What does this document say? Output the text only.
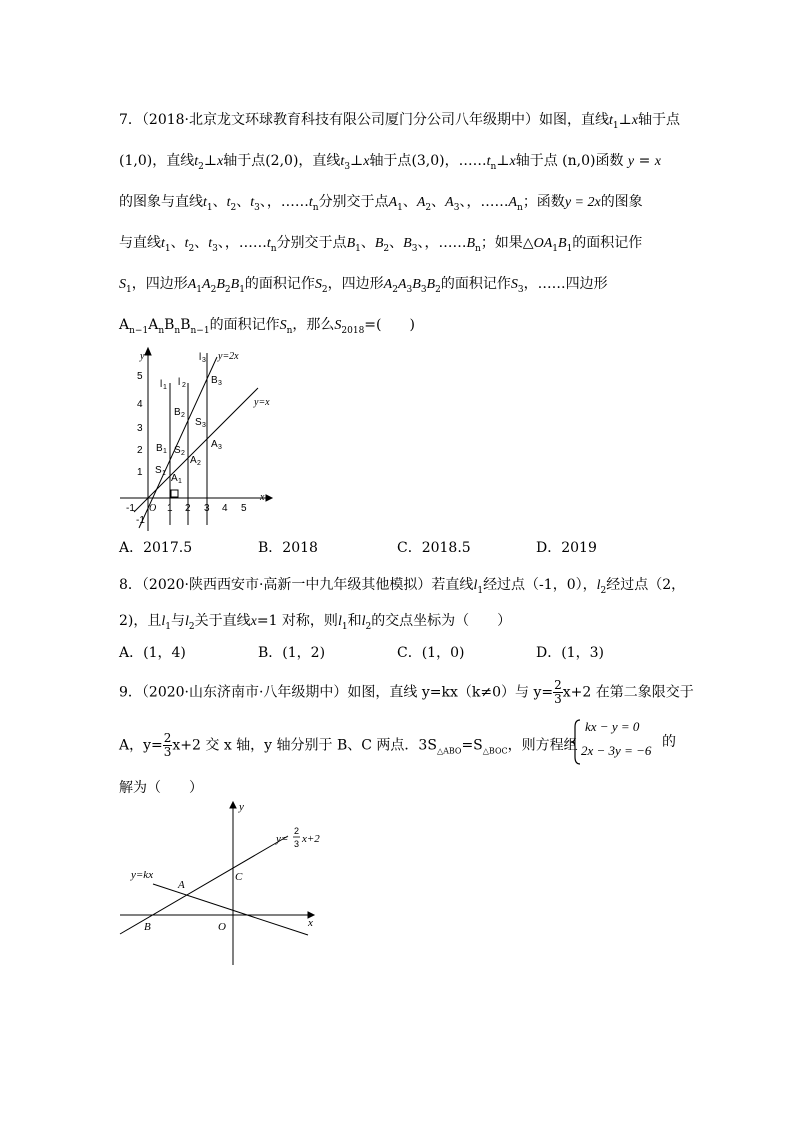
7．（2018·北京龙文环球教育科技有限公司厦门分公司八年级期中）如图，直线$t_1\perp x$轴于点
(1,0)，直线$t_2\perp x$轴于点(2,0)，直线$t_3\perp x$轴于点(3,0)，$\dots\dots t_n\perp x$轴于点 (n,0)函数 y = x
的图象与直线$t_1$、$t_2$、$t_3$、，$\dots\dots t_n$分别交于点$A_1$、$A_2$、$A_3$、，$\dots\dots A_n$；函数y = 2x的图象
与直线$t_1$、$t_2$、$t_3$、，$\dots\dots t_n$分别交于点$B_1$、$B_2$、$B_3$、，$\dots\dots B_n$；如果$\triangle OA_1B_1$的面积记作
$S_1$，四边形$A_1A_2B_2B_1$的面积记作$S_2$，四边形$A_2A_3B_3B_2$的面积记作$S_3$，……四边形
$A_{n-1}A_nB_nB_{n-1}$的面积记作$S_n$，那么$S_{2018}=$(　　)
y=2x
y=x
l 1 l 2
l 3
B 3
B 2
S 3
A 3
B 1 S 2
A 2
S 1 A 1
x
y
O
-1	1 2 3 4 5
1
2
3
4
5
-1
A．2017.5	B．2018	C．2018.5	D．2019
8．（2020·陕西西安市·高新一中九年级其他模拟）若直线$l_1$经过点（-1，0），$l_2$经过点（2，
2)，且$l_1$与$l_2$关于直线x=1 对称，则$l_1$和$l_2$的交点坐标为（　　）
A．(1，4)	B．(1，2)	C．(1，0)	D．(1，3)
9．（2020·山东济南市·八年级期中）如图，直线 y=kx（k≠0）与 $y= \frac{2}{3} x+2$ 在第二象限交于
A，$y= \frac{2}{3} x+2$ 交 x 轴，y 轴分别于 B、C 两点．$3S_{\triangle ABO}=S_{\triangle BOC}$，则方程组
kx − y = 0
2x − 3y = −6
的
解为（　　）
y
x
O
A
B
C
y=kx
y=
2
3 x+2
